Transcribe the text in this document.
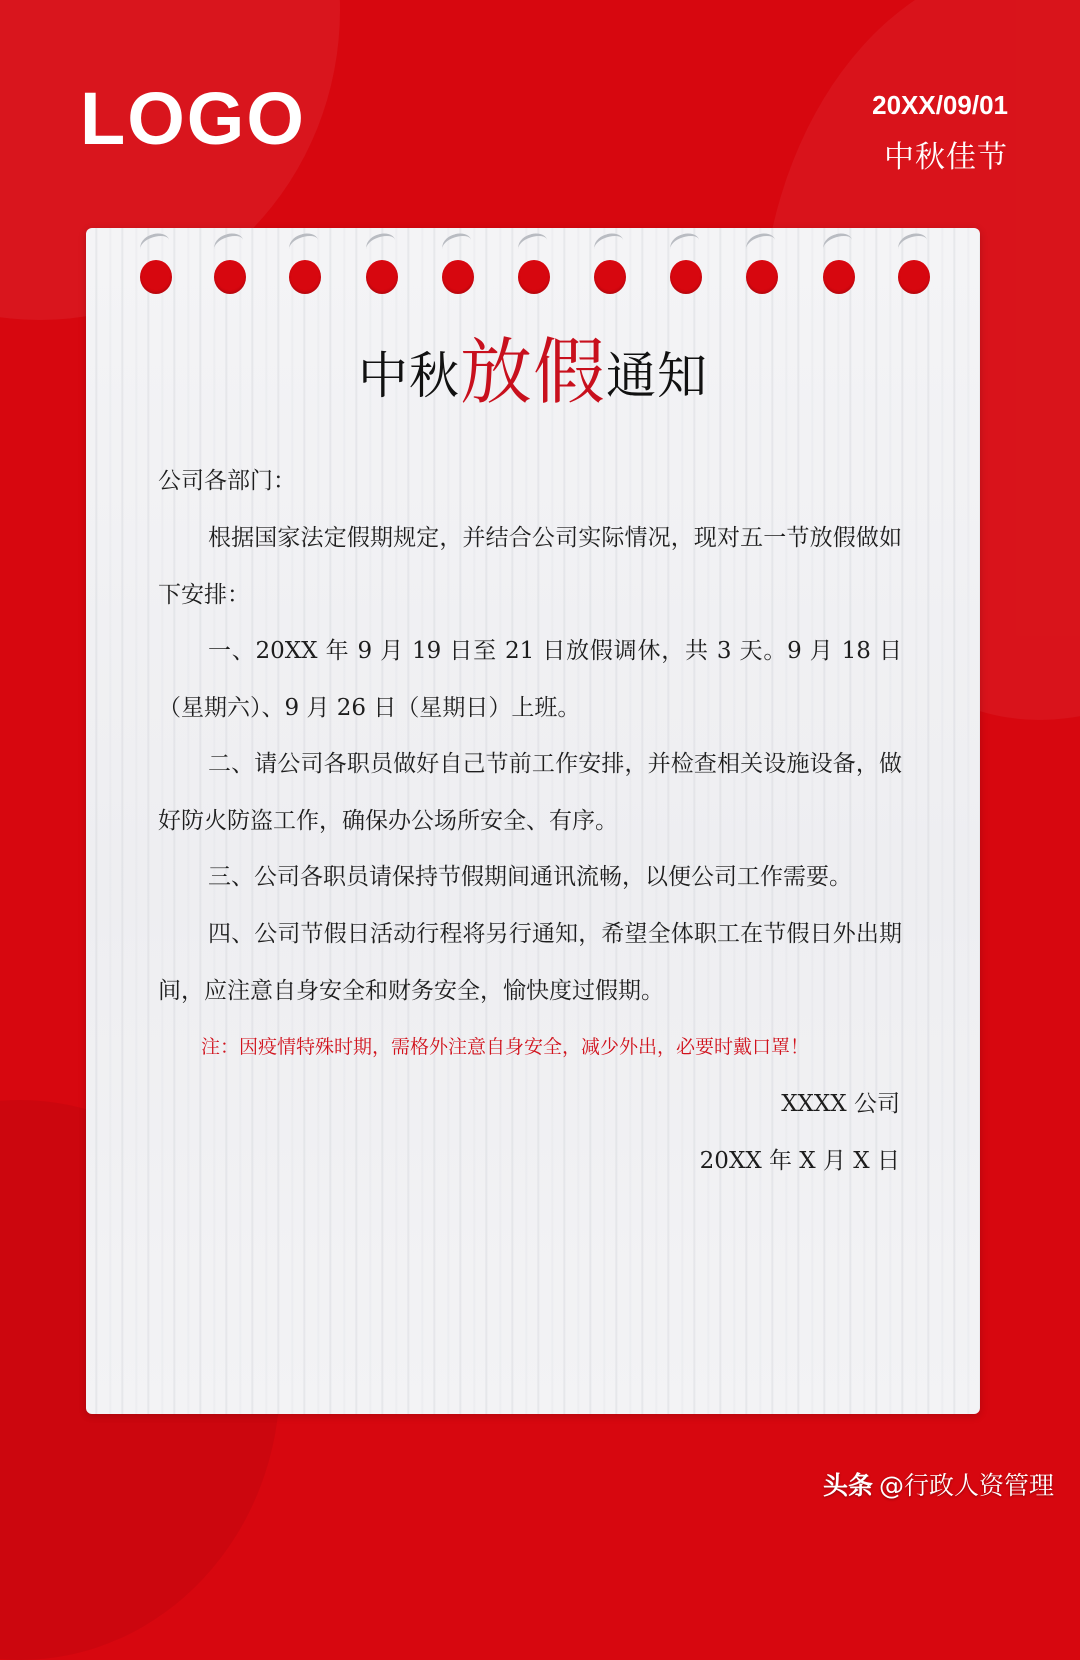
LOGO	20XX/09/01
中秋佳节
中秋放假通知

公司各部门：

根据国家法定假期规定，并结合公司实际情况，现对五一节放假做如下安排：

一、20XX 年 9 月 19 日至 21 日放假调休，共 3 天。9 月 18 日（星期六）、9 月 26 日（星期日）上班。

二、请公司各职员做好自己节前工作安排，并检查相关设施设备，做好防火防盗工作，确保办公场所安全、有序。

三、公司各职员请保持节假期间通讯流畅，以便公司工作需要。

四、公司节假日活动行程将另行通知，希望全体职工在节假日外出期间，应注意自身安全和财务安全，愉快度过假期。

注：因疫情特殊时期，需格外注意自身安全，减少外出，必要时戴口罩！
XXXX 公司
20XX 年 X 月 X 日
头条 @行政人资管理
